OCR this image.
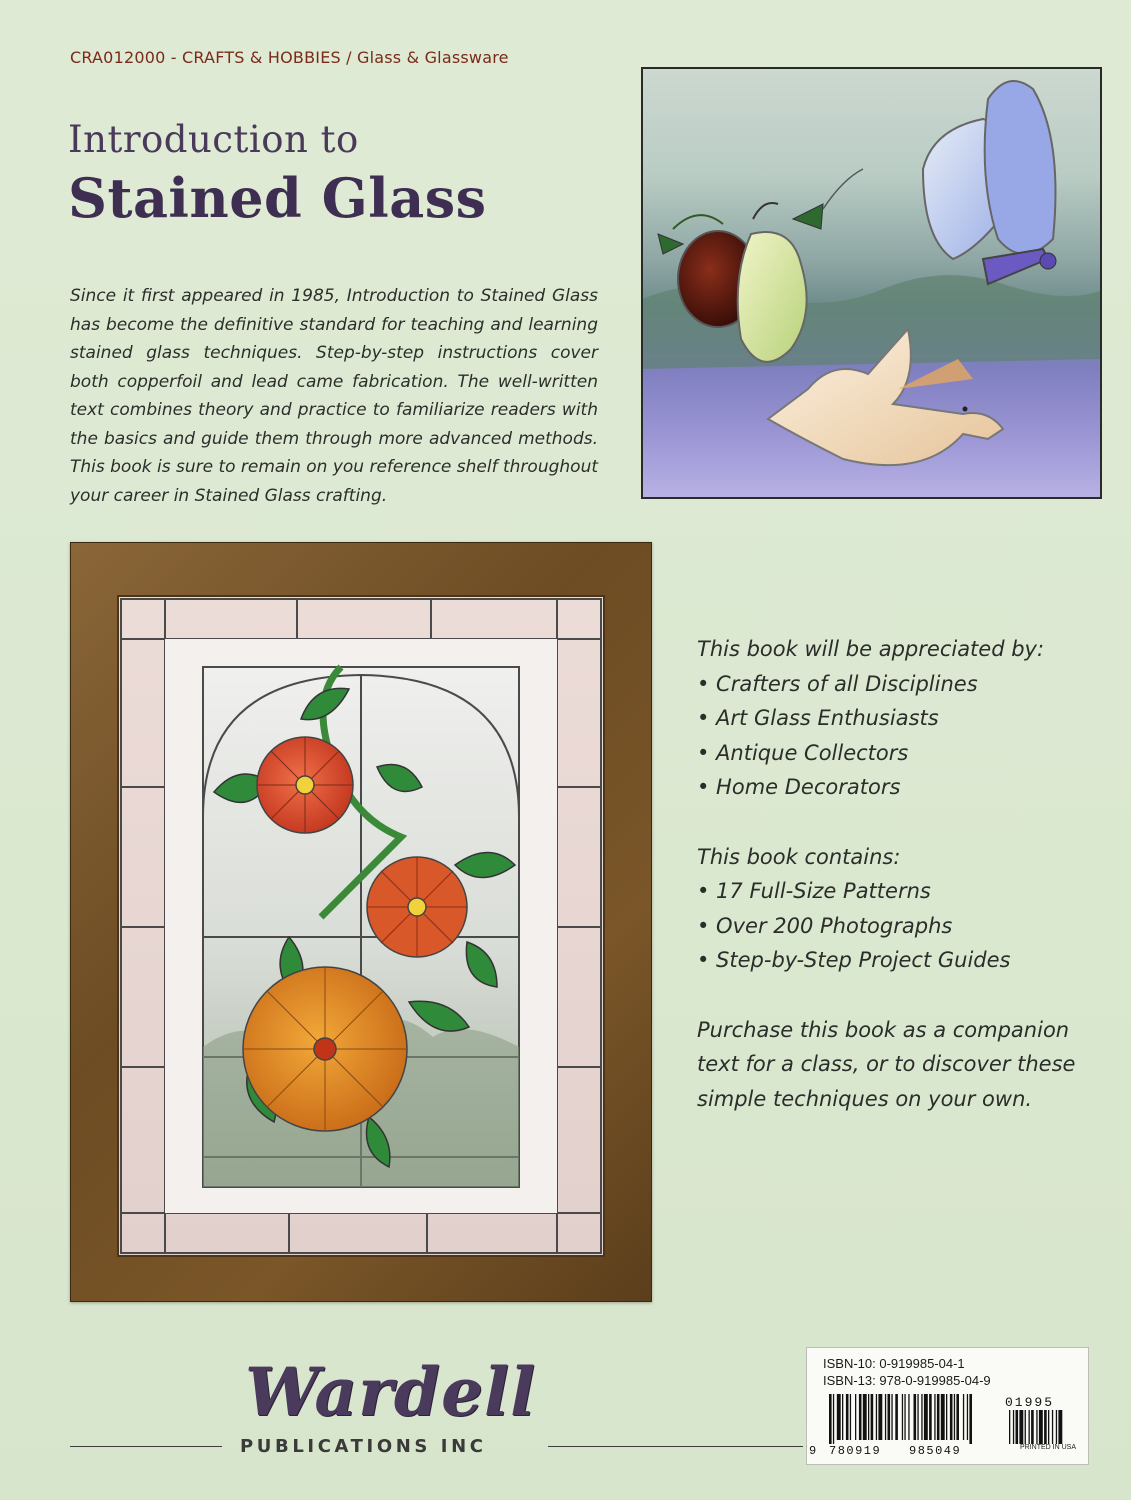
CRA012000 - CRAFTS & HOBBIES / Glass & Glassware
Introduction to
Stained Glass
Since it first appeared in 1985, Introduction to Stained Glass has become the definitive standard for teaching and learning stained glass techniques. Step-by-step instructions cover both copperfoil and lead came fabrication. The well-written text combines theory and practice to familiarize readers with the basics and guide them through more advanced methods. This book is sure to remain on you reference shelf throughout your career in Stained Glass crafting.
This book will be appreciated by:
• Crafters of all Disciplines
• Art Glass Enthusiasts
• Antique Collectors
• Home Decorators
This book contains:
• 17 Full-Size Patterns
• Over 200 Photographs
• Step-by-Step Project Guides
Purchase this book as a companion text for a class, or to discover these simple techniques on your own.
ISBN-10: 0-919985-04-1
ISBN-13: 978-0-919985-04-9
01995
9 780919 985049	PRINTED IN USA
Wardell
PUBLICATIONS INC
